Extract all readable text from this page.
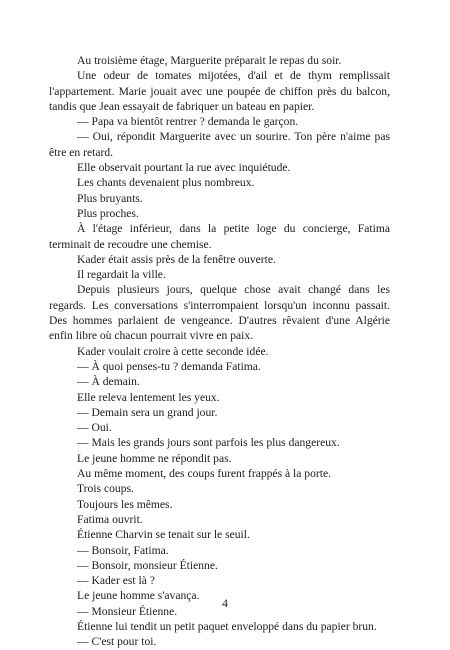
Au troisième étage, Marguerite préparait le repas du soir.

Une odeur de tomates mijotées, d'ail et de thym remplissait l'appartement. Marie jouait avec une poupée de chiffon près du balcon, tandis que Jean essayait de fabriquer un bateau en papier.

— Papa va bientôt rentrer ? demanda le garçon.

— Oui, répondit Marguerite avec un sourire. Ton père n'aime pas être en retard.

Elle observait pourtant la rue avec inquiétude.

Les chants devenaient plus nombreux.

Plus bruyants.

Plus proches.

À l'étage inférieur, dans la petite loge du concierge, Fatima terminait de recoudre une chemise.

Kader était assis près de la fenêtre ouverte.

Il regardait la ville.

Depuis plusieurs jours, quelque chose avait changé dans les regards. Les conversations s'interrompaient lorsqu'un inconnu passait. Des hommes parlaient de vengeance. D'autres rêvaient d'une Algérie enfin libre où chacun pourrait vivre en paix.

Kader voulait croire à cette seconde idée.

— À quoi penses-tu ? demanda Fatima.

— À demain.

Elle releva lentement les yeux.

— Demain sera un grand jour.

— Oui.

— Mais les grands jours sont parfois les plus dangereux.

Le jeune homme ne répondit pas.

Au même moment, des coups furent frappés à la porte.

Trois coups.

Toujours les mêmes.

Fatima ouvrit.

Étienne Charvin se tenait sur le seuil.

— Bonsoir, Fatima.

— Bonsoir, monsieur Étienne.

— Kader est là ?

Le jeune homme s'avança.

— Monsieur Étienne.

Étienne lui tendit un petit paquet enveloppé dans du papier brun.

— C'est pour toi.

4
